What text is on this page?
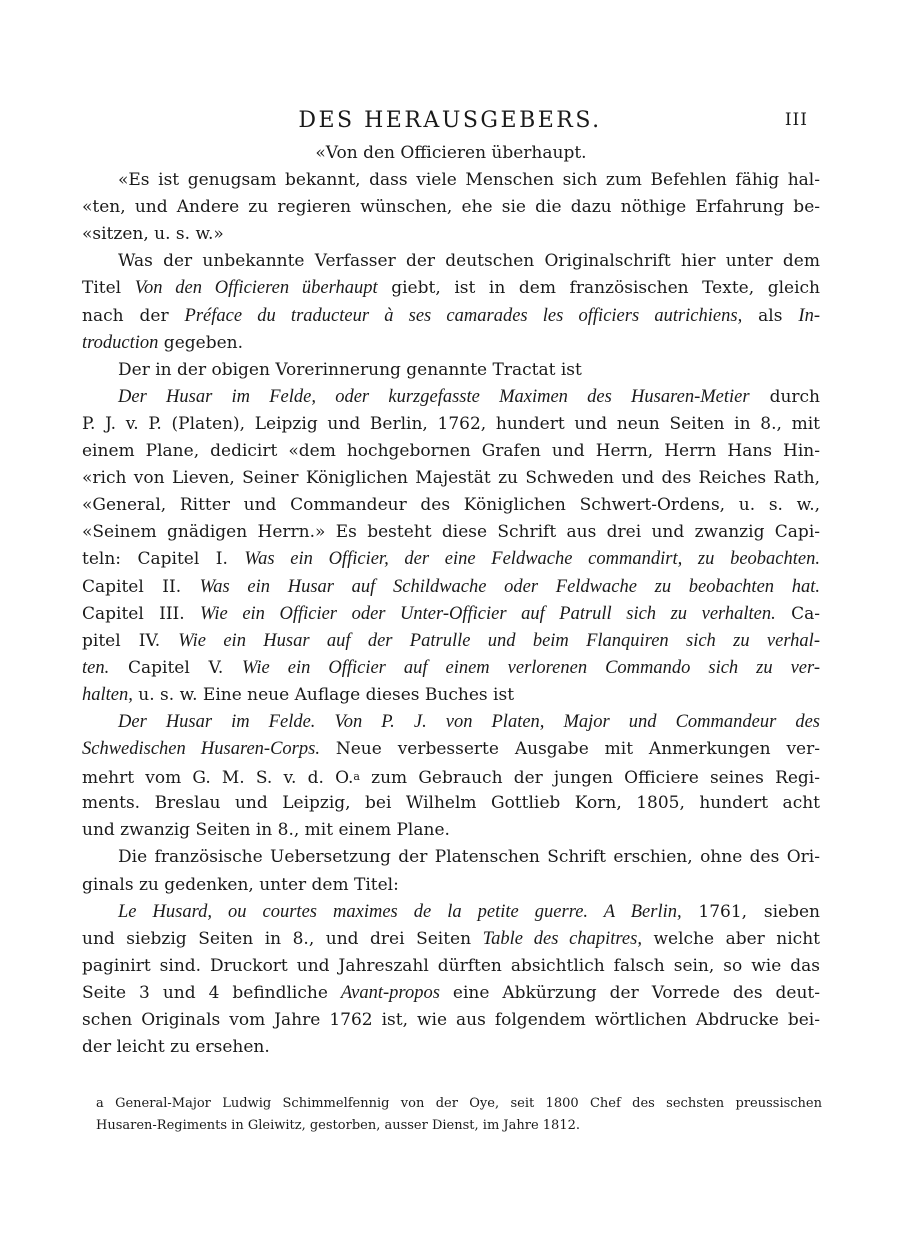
DES HERAUSGEBERS.	III
«Von den Officieren überhaupt.
«Es ist genugsam bekannt, dass viele Menschen sich zum Befehlen fähig hal-
«ten, und Andere zu regieren wünschen, ehe sie die dazu nöthige Erfahrung be-
«sitzen, u. s. w.»
Was der unbekannte Verfasser der deutschen Originalschrift hier unter dem
Titel Von den Officieren überhaupt giebt, ist in dem französischen Texte, gleich
nach der Préface du traducteur à ses camarades les officiers autrichiens, als In-
troduction gegeben.
Der in der obigen Vorerinnerung genannte Tractat ist
Der Husar im Felde, oder kurzgefasste Maximen des Husaren-Metier durch
P. J. v. P. (Platen), Leipzig und Berlin, 1762, hundert und neun Seiten in 8., mit
einem Plane, dedicirt «dem hochgebornen Grafen und Herrn, Herrn Hans Hin-
«rich von Lieven, Seiner Königlichen Majestät zu Schweden und des Reiches Rath,
«General, Ritter und Commandeur des Königlichen Schwert-Ordens, u. s. w.,
«Seinem gnädigen Herrn.» Es besteht diese Schrift aus drei und zwanzig Capi-
teln: Capitel I. Was ein Officier, der eine Feldwache commandirt, zu beobachten.
Capitel II. Was ein Husar auf Schildwache oder Feldwache zu beobachten hat.
Capitel III. Wie ein Officier oder Unter-Officier auf Patrull sich zu verhalten. Ca-
pitel IV. Wie ein Husar auf der Patrulle und beim Flanquiren sich zu verhal-
ten. Capitel V. Wie ein Officier auf einem verlorenen Commando sich zu ver-
halten, u. s. w. Eine neue Auflage dieses Buches ist
Der Husar im Felde. Von P. J. von Platen, Major und Commandeur des
Schwedischen Husaren-Corps. Neue verbesserte Ausgabe mit Anmerkungen ver-
mehrt vom G. M. S. v. d. O.$^a$ zum Gebrauch der jungen Officiere seines Regi-
ments. Breslau und Leipzig, bei Wilhelm Gottlieb Korn, 1805, hundert acht
und zwanzig Seiten in 8., mit einem Plane.
Die französische Uebersetzung der Platenschen Schrift erschien, ohne des Ori-
ginals zu gedenken, unter dem Titel:
Le Husard, ou courtes maximes de la petite guerre. A Berlin, 1761, sieben
und siebzig Seiten in 8., und drei Seiten Table des chapitres, welche aber nicht
paginirt sind. Druckort und Jahreszahl dürften absichtlich falsch sein, so wie das
Seite 3 und 4 befindliche Avant-propos eine Abkürzung der Vorrede des deut-
schen Originals vom Jahre 1762 ist, wie aus folgendem wörtlichen Abdrucke bei-
der leicht zu ersehen.
a General-Major Ludwig Schimmelfennig von der Oye, seit 1800 Chef des sechsten preussischen
Husaren-Regiments in Gleiwitz, gestorben, ausser Dienst, im Jahre 1812.
